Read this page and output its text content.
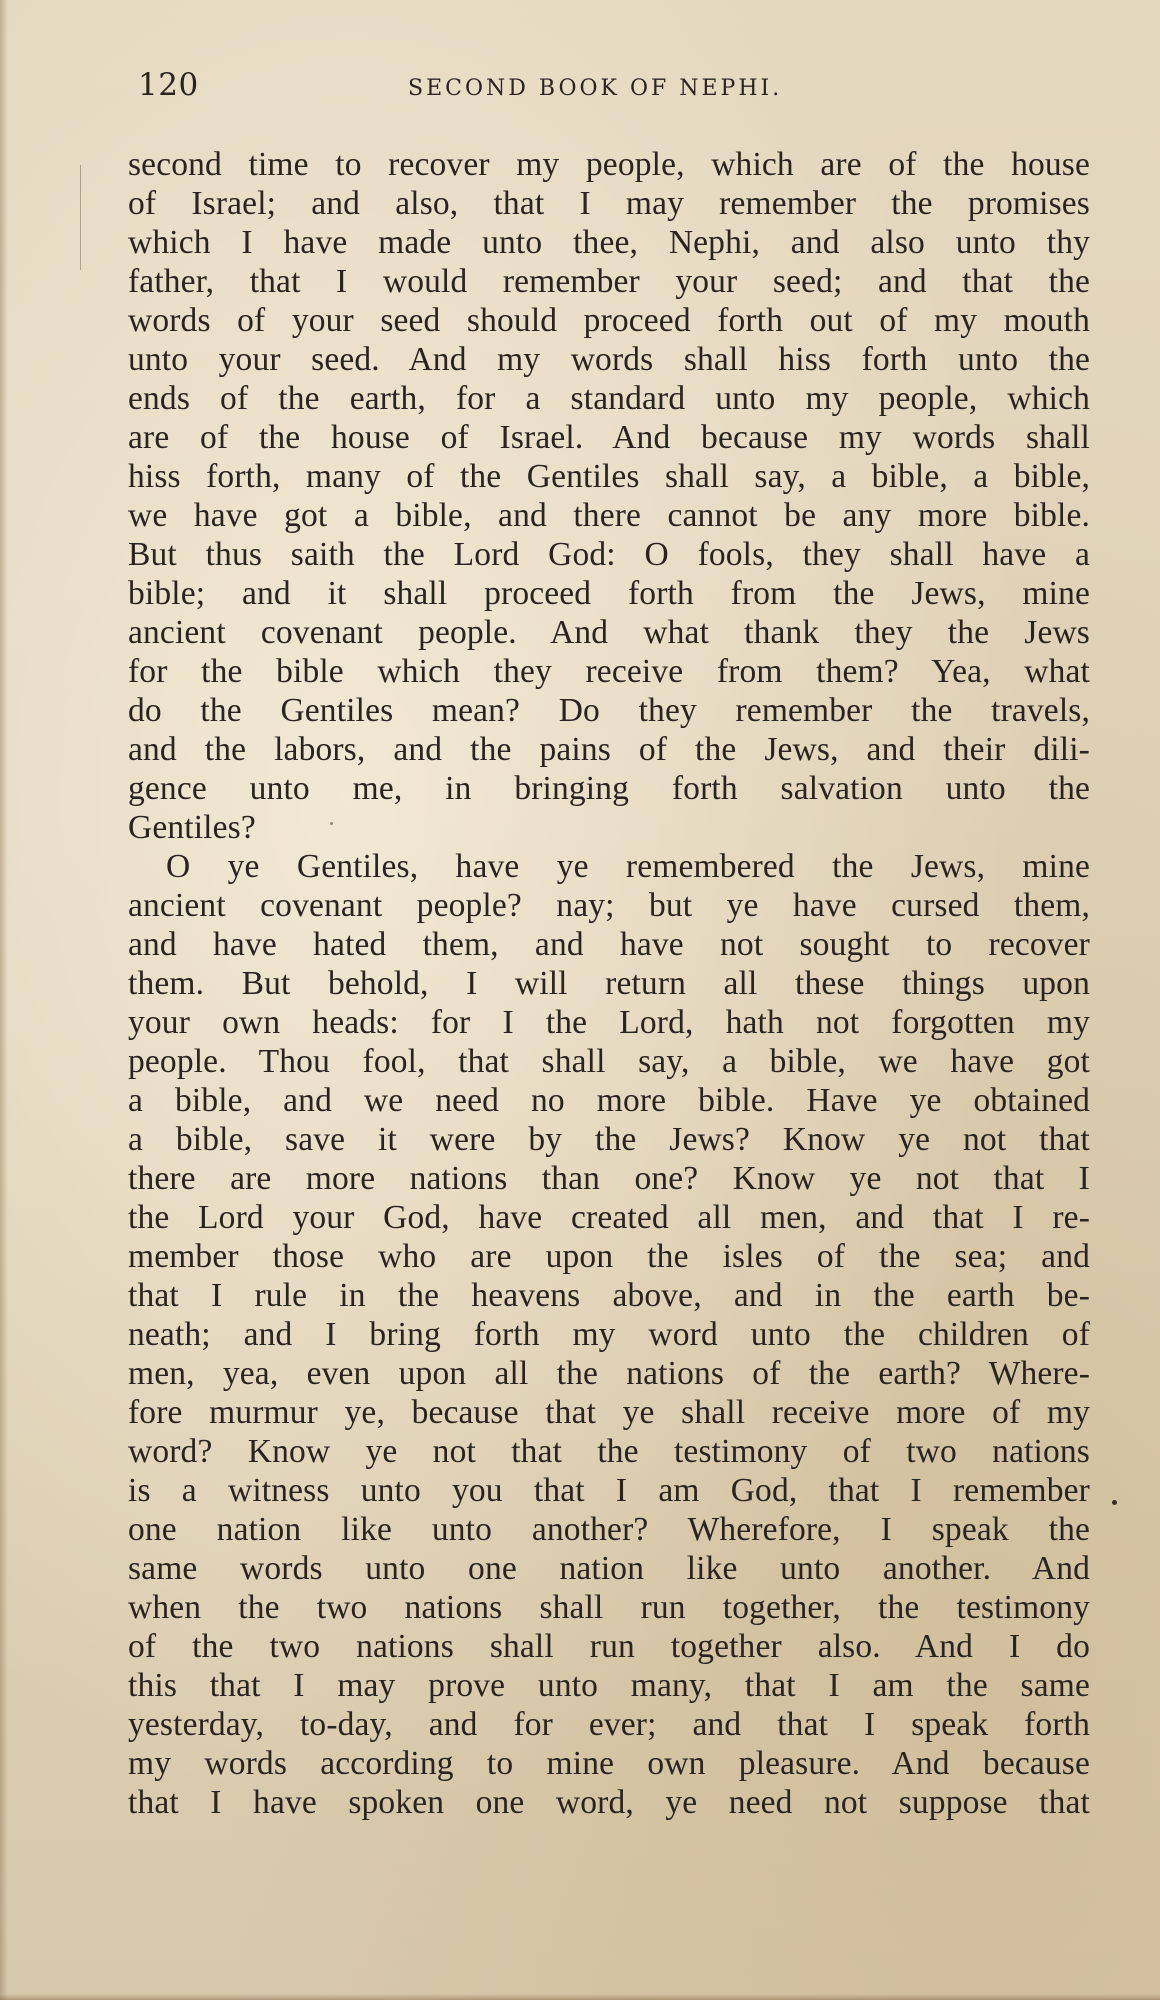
120	SECOND BOOK OF NEPHI.
second time to recover my people, which are of the house
of Israel; and also, that I may remember the promises
which I have made unto thee, Nephi, and also unto thy
father, that I would remember your seed; and that the
words of your seed should proceed forth out of my mouth
unto your seed. And my words shall hiss forth unto the
ends of the earth, for a standard unto my people, which
are of the house of Israel. And because my words shall
hiss forth, many of the Gentiles shall say, a bible, a bible,
we have got a bible, and there cannot be any more bible.
But thus saith the Lord God: O fools, they shall have a
bible; and it shall proceed forth from the Jews, mine
ancient covenant people. And what thank they the Jews
for the bible which they receive from them? Yea, what
do the Gentiles mean? Do they remember the travels,
and the labors, and the pains of the Jews, and their dili-
gence unto me, in bringing forth salvation unto the
Gentiles?
O ye Gentiles, have ye remembered the Jews, mine
ancient covenant people? nay; but ye have cursed them,
and have hated them, and have not sought to recover
them. But behold, I will return all these things upon
your own heads: for I the Lord, hath not forgotten my
people. Thou fool, that shall say, a bible, we have got
a bible, and we need no more bible. Have ye obtained
a bible, save it were by the Jews? Know ye not that
there are more nations than one? Know ye not that I
the Lord your God, have created all men, and that I re-
member those who are upon the isles of the sea; and
that I rule in the heavens above, and in the earth be-
neath; and I bring forth my word unto the children of
men, yea, even upon all the nations of the earth? Where-
fore murmur ye, because that ye shall receive more of my
word? Know ye not that the testimony of two nations
is a witness unto you that I am God, that I remember
one nation like unto another? Wherefore, I speak the
same words unto one nation like unto another. And
when the two nations shall run together, the testimony
of the two nations shall run together also. And I do
this that I may prove unto many, that I am the same
yesterday, to-day, and for ever; and that I speak forth
my words according to mine own pleasure. And because
that I have spoken one word, ye need not suppose that
